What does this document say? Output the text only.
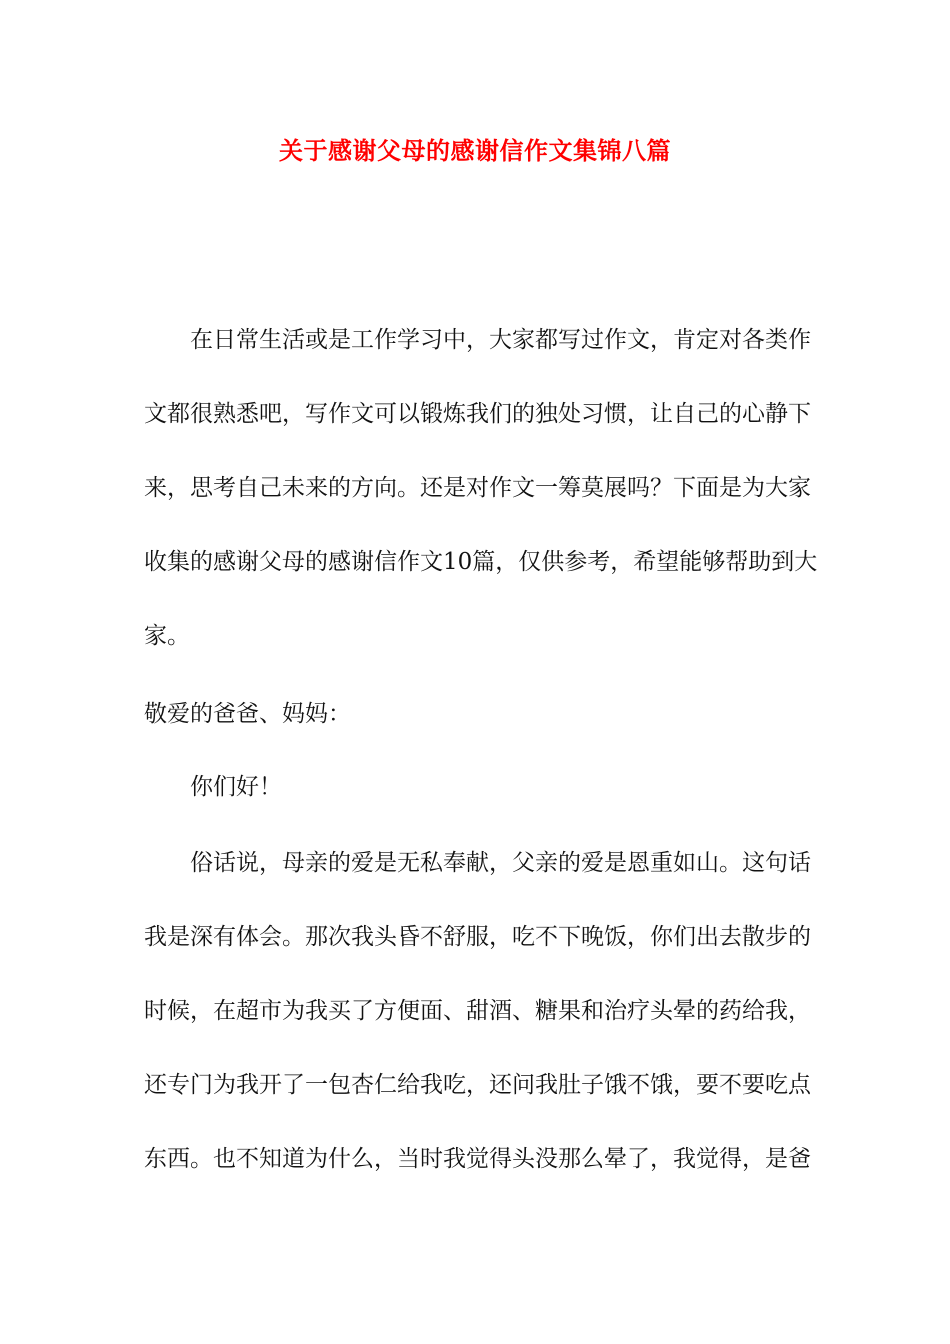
关于感谢父母的感谢信作文集锦八篇
在日常生活或是工作学习中，大家都写过作文，肯定对各类作
文都很熟悉吧，写作文可以锻炼我们的独处习惯，让自己的心静下
来，思考自己未来的方向。还是对作文一筹莫展吗？下面是为大家
收集的感谢父母的感谢信作文10篇，仅供参考，希望能够帮助到大
家。
敬爱的爸爸、妈妈：
你们好！
俗话说，母亲的爱是无私奉献，父亲的爱是恩重如山。这句话
我是深有体会。那次我头昏不舒服，吃不下晚饭，你们出去散步的
时候，在超市为我买了方便面、甜酒、糖果和治疗头晕的药给我，
还专门为我开了一包杏仁给我吃，还问我肚子饿不饿，要不要吃点
东西。也不知道为什么，当时我觉得头没那么晕了，我觉得，是爸
